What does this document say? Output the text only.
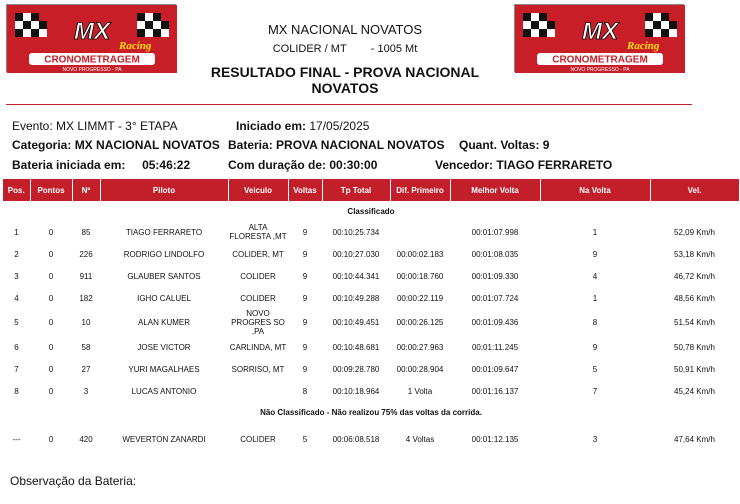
MX
Racing
CRONOMETRAGEM
NOVO PROGRESSO - PA
MX
Racing
CRONOMETRAGEM
NOVO PROGRESSO - PA
MX NACIONAL NOVATOS
COLIDER / MT - 1005 Mt
RESULTADO FINAL - PROVA NACIONAL
NOVATOS
Evento: MX LIMMT - 3° ETAPA	Iniciado em: 17/05/2025
Categoria: MX NACIONAL NOVATOS Bateria: PROVA NACIONAL NOVATOS Quant. Voltas: 9
Bateria iniciada em: 05:46:22	Com duração de: 00:30:00	Vencedor: TIAGO FERRARETO
Pos.	Pontos	Nº	Piloto	Veiculo	Voltas	Tp Total	Dif. Primeiro	Melhor Volta	Na Volta	Vel.
Classificado										
1	0	85	TIAGO FERRARETO	ALTA FLORESTA ,MT	9	00:10:25.734		00:01:07.998	1	52,09 Km/h
2	0	226	RODRIGO LINDOLFO	COLIDER, MT	9	00:10:27.030	00:00:02.183	00:01:08.035	9	53,18 Km/h
3	0	911	GLAUBER SANTOS	COLIDER	9	00:10:44.341	00:00:18.760	00:01:09.330	4	46,72 Km/h
4	0	182	IGHO CALUEL	COLIDER	9	00:10:49.288	00:00:22.119	00:01:07.724	1	48,56 Km/h
5	0	10	ALAN KUMER	NOVO PROGRES SO ,PA	9	00:10:49.451	00:00:26.125	00:01:09.436	8	51,54 Km/h
6	0	58	JOSE VICTOR	CARLINDA, MT	9	00:10:48.681	00:00:27.963	00:01:11.245	9	50,78 Km/h
7	0	27	YURI MAGALHAES	SORRISO, MT	9	00:09:28.780	00:00:28.904	00:01:09.647	5	50,91 Km/h
8	0	3	LUCAS ANTONIO		8	00:10:18.964	1 Volta	00:01:16.137	7	45,24 Km/h
Não Classificado - Não realizou 75% das voltas da corrida.										
---	0	420	WEVERTON ZANARDI	COLIDER	5	00:06:08.518	4 Voltas	00:01:12.135	3	47,64 Km/h
Observação da Bateria:
